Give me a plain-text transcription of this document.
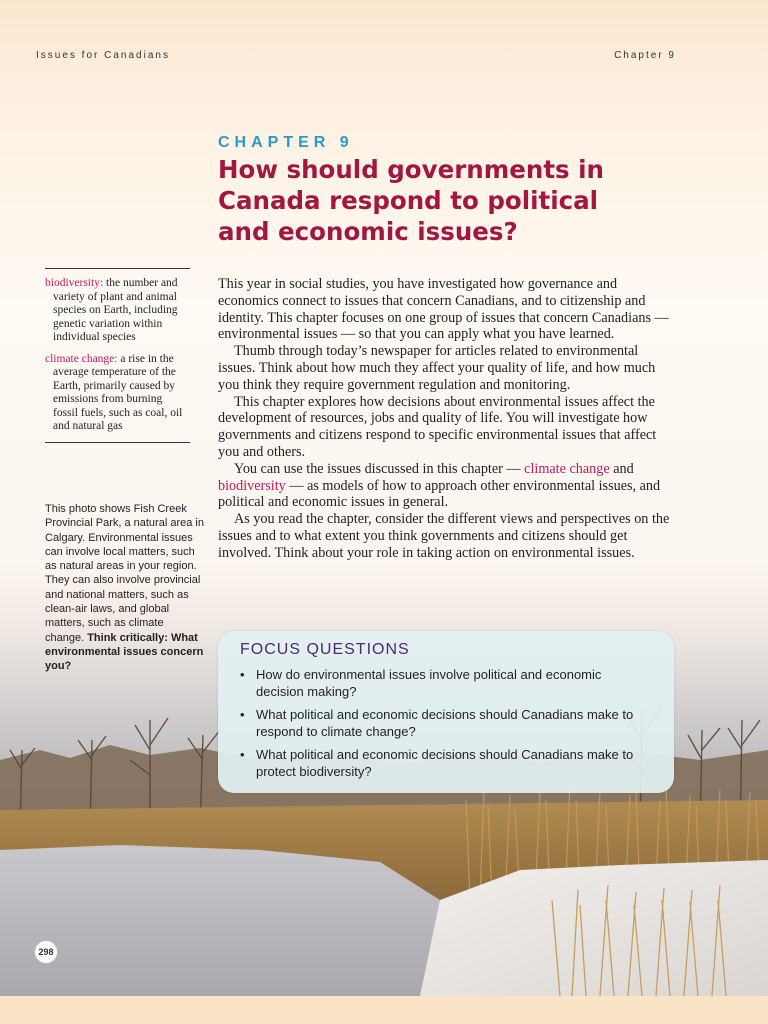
Issues for Canadians	Chapter 9
CHAPTER 9
How should governments in Canada respond to political and economic issues?
biodiversity: the number and variety of plant and animal species on Earth, including genetic variation within individual species
climate change: a rise in the average temperature of the Earth, primarily caused by emissions from burning fossil fuels, such as coal, oil and natural gas
This photo shows Fish Creek Provincial Park, a natural area in Calgary. Environmental issues can involve local matters, such as natural areas in your region. They can also involve provincial and national matters, such as clean-air laws, and global matters, such as climate change. Think critically: What environmental issues concern you?

This year in social studies, you have investigated how governance and economics connect to issues that concern Canadians, and to citizenship and identity. This chapter focuses on one group of issues that concern Canadians — environmental issues — so that you can apply what you have learned.

Thumb through today’s newspaper for articles related to environmental issues. Think about how much they affect your quality of life, and how much you think they require government regulation and monitoring.

This chapter explores how decisions about environmental issues affect the development of resources, jobs and quality of life. You will investigate how governments and citizens respond to specific environmental issues that affect you and others.

You can use the issues discussed in this chapter — climate change and biodiversity — as models of how to approach other environmental issues, and political and economic issues in general.

As you read the chapter, consider the different views and perspectives on the issues and to what extent you think governments and citizens should get involved. Think about your role in taking action on environmental issues.

FOCUS QUESTIONS
• How do environmental issues involve political and economic decision making?
• What political and economic decisions should Canadians make to respond to climate change?
• What political and economic decisions should Canadians make to protect biodiversity?
298
